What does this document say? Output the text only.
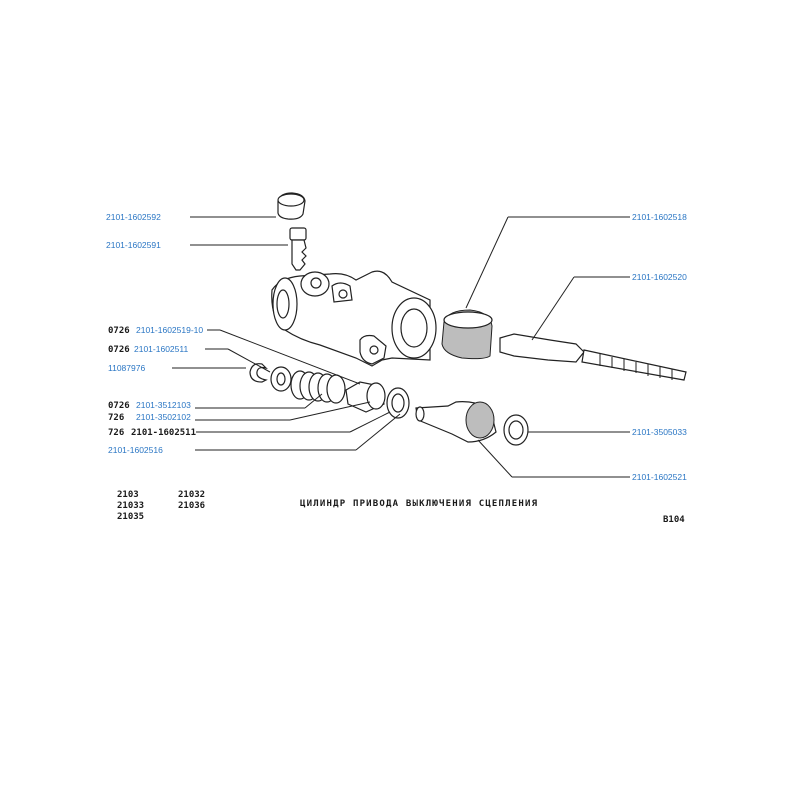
2101-1602592
2101-1602591
2101-1602518
2101-1602520
0726 2101-1602519-10
0726 2101-1602511
11087976
0726 2101-3512103
726 2101-3502102
726 2101-1602511
2101-1602516
2101-3505033
2101-1602521
2103	21032
21033	21036
21035
ЦИЛИНДР ПРИВОДА ВЫКЛЮЧЕНИЯ СЦЕПЛЕНИЯ
B104
